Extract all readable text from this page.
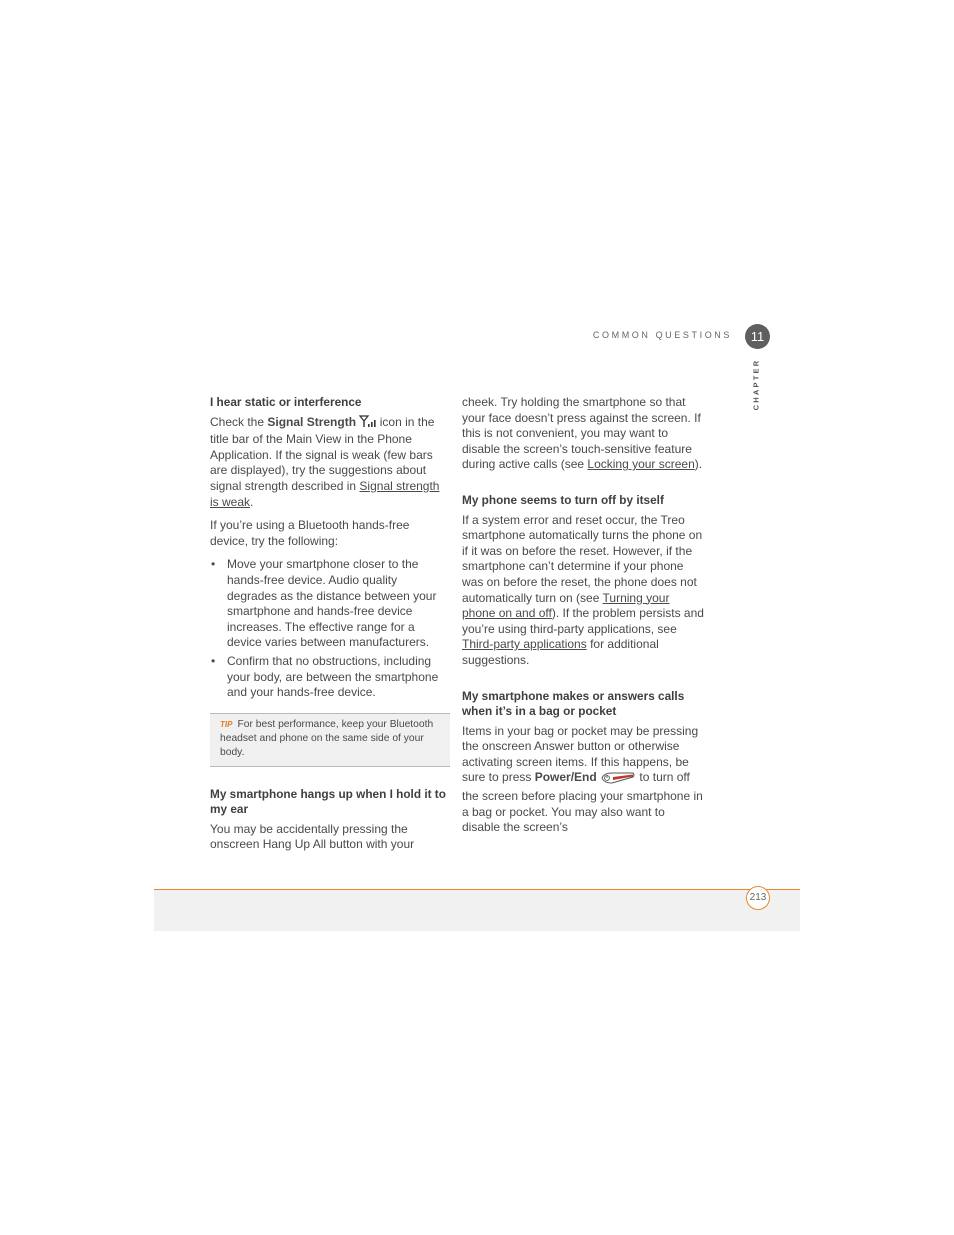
COMMON QUESTIONS	11
CHAPTER
I hear static or interference

Check the Signal Strength  icon in the title bar of the Main View in the Phone Application. If the signal is weak (few bars are displayed), try the suggestions about signal strength described in Signal strength is weak.

If you’re using a Bluetooth hands-free device, try the following:

• Move your smartphone closer to the hands-free device. Audio quality degrades as the distance between your smartphone and hands-free device increases. The effective range for a device varies between manufacturers.
• Confirm that no obstructions, including your body, are between the smartphone and your hands-free device.
TIP For best performance, keep your Bluetooth headset and phone on the same side of your body.
My smartphone hangs up when I hold it to my ear

You may be accidentally pressing the onscreen Hang Up All button with your

cheek. Try holding the smartphone so that your face doesn’t press against the screen. If this is not convenient, you may want to disable the screen’s touch-sensitive feature during active calls (see Locking your screen).

My phone seems to turn off by itself

If a system error and reset occur, the Treo smartphone automatically turns the phone on if it was on before the reset. However, if the smartphone can’t determine if your phone was on before the reset, the phone does not automatically turn on (see Turning your phone on and off). If the problem persists and you’re using third-party applications, see Third-party applications for additional suggestions.

My smartphone makes or answers calls when it’s in a bag or pocket

Items in your bag or pocket may be pressing the onscreen Answer button or otherwise activating screen items. If this happens, be sure to press Power/End	to turn off the screen before placing your smartphone in a bag or pocket. You may also want to disable the screen’s

213
